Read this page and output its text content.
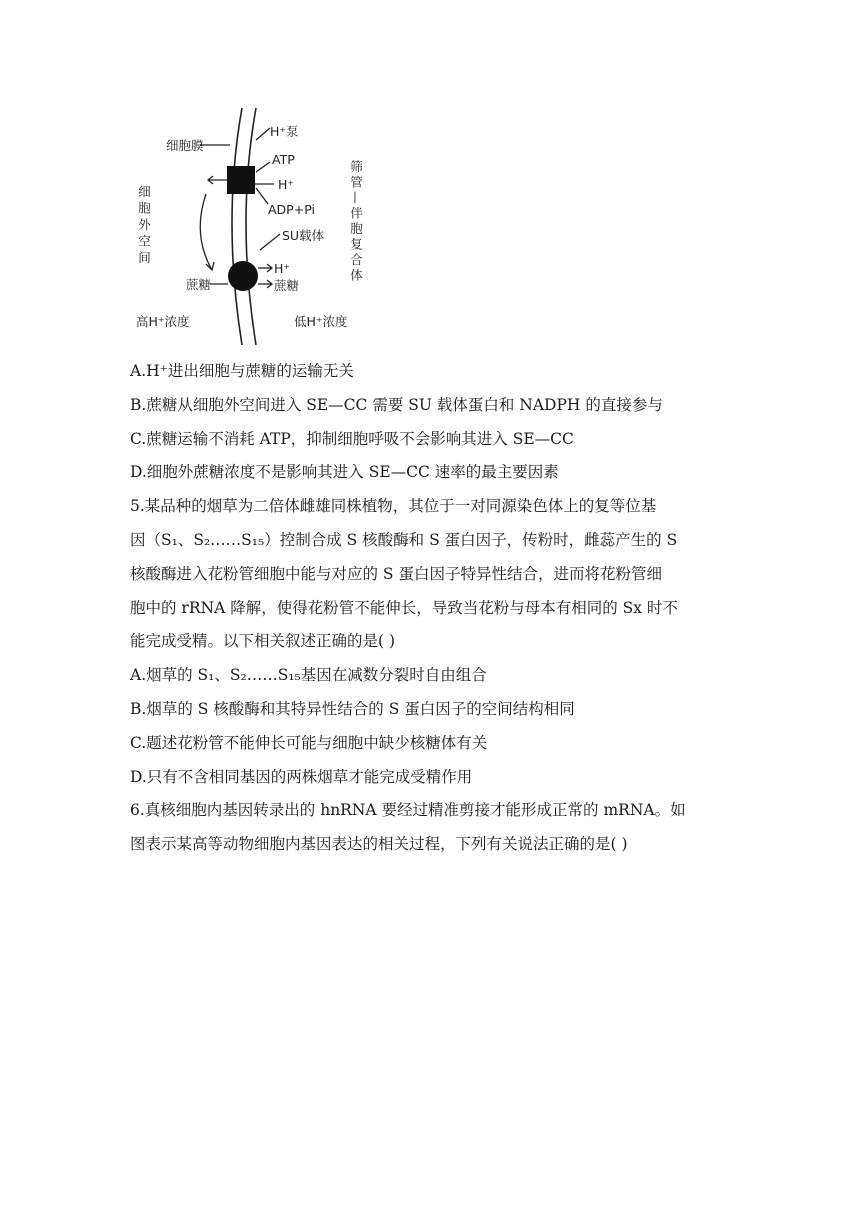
细胞膜
细胞外空间	筛管—伴胞复合体
H⁺泵
ATP
H⁺
ADP+Pi
SU载体
H⁺
蔗糖	蔗糖
高H⁺浓度	低H⁺浓度
A.H⁺进出细胞与蔗糖的运输无关
B.蔗糖从细胞外空间进入 SE—CC 需要 SU 载体蛋白和 NADPH 的直接参与
C.蔗糖运输不消耗 ATP，抑制细胞呼吸不会影响其进入 SE—CC
D.细胞外蔗糖浓度不是影响其进入 SE—CC 速率的最主要因素
5.某品种的烟草为二倍体雌雄同株植物，其位于一对同源染色体上的复等位基
因（S₁、S₂……S₁₅）控制合成 S 核酸酶和 S 蛋白因子，传粉时，雌蕊产生的 S
核酸酶进入花粉管细胞中能与对应的 S 蛋白因子特异性结合，进而将花粉管细
胞中的 rRNA 降解，使得花粉管不能伸长，导致当花粉与母本有相同的 Sx 时不
能完成受精。以下相关叙述正确的是( )
A.烟草的 S₁、S₂……S₁₅基因在减数分裂时自由组合
B.烟草的 S 核酸酶和其特异性结合的 S 蛋白因子的空间结构相同
C.题述花粉管不能伸长可能与细胞中缺少核糖体有关
D.只有不含相同基因的两株烟草才能完成受精作用
6.真核细胞内基因转录出的 hnRNA 要经过精准剪接才能形成正常的 mRNA。如
图表示某高等动物细胞内基因表达的相关过程，下列有关说法正确的是( )
